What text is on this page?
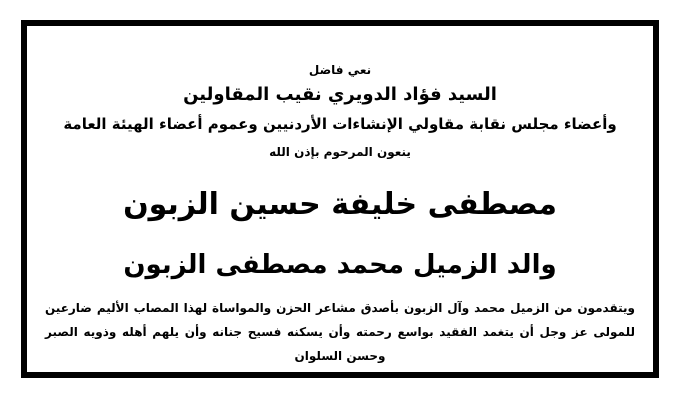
نعي فاضل
السيد فؤاد الدويري نقيب المقاولين
وأعضاء مجلس نقابة مقاولي الإنشاءات الأردنيين وعموم أعضاء الهيئة العامة
ينعون المرحوم بإذن الله
مصطفى خليفة حسين الزبون
والد الزميل محمد مصطفى الزبون
ويتقدمون من الزميل محمد وآل الزبون بأصدق مشاعر الحزن والمواساة لهذا المصاب الأليم ضارعين للمولى عز وجل أن يتغمد الفقيد بواسع رحمته وأن يسكنه فسيح جنانه وأن يلهم أهله وذويه الصبر وحسن السلوان
